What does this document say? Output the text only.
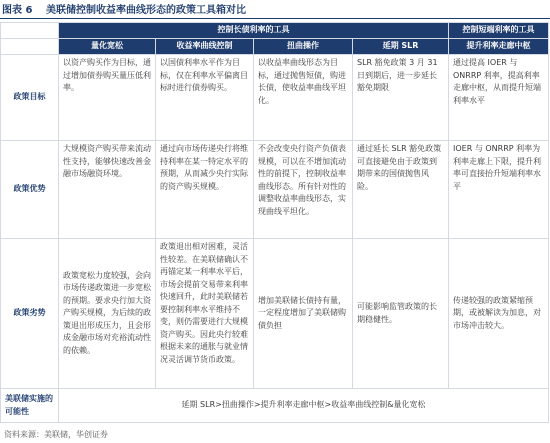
图表 6 美联储控制收益率曲线形态的政策工具箱对比
	控制长债利率的工具				控制短端利率的工具
	量化宽松	收益率曲线控制	扭曲操作	延期 SLR	提升利率走廊中枢
政策目标	以资产购买作为目标，通过增加债券购买量压低利率。	以国债利率水平作为目标，仅在利率水平偏离目标时进行债券购买。	以收益率曲线形态为目标，通过抛售短债，购进长债，使收益率曲线平坦化。	SLR 豁免政策 3 月 31 日到期后，进一步延长豁免期限	通过提高 IOER 与 ONRRP 利率，提高利率走廊中枢，从而提升短端利率水平
政策优势	大规模资产购买带来流动性支持，能够快速改善金融市场融资环境。	通过向市场传递央行将维持利率在某一特定水平的预期，从而减少央行实际的资产购买规模。	不会改变央行资产负债表规模，可以在不增加流动性的前提下，控制收益率曲线形态。所有针对性的调整收益率曲线形态，实现曲线平坦化。	通过延长 SLR 豁免政策可直接避免由于政策到期带来的国债抛售风险。	IOER 与 ONRRP 利率为利率走廊上下限，提升利率可直接抬升短端利率水平
政策劣势	政策宽松力度较强，会向市场传递政策进一步宽松的预期。要求央行加大资产购买规模，为后续的政策退出形成压力，且会形成金融市场对充裕流动性的依赖。	政策退出相对困难，灵活性较差。在美联储确认不再锚定某一利率水平后，市场会提前交易带来利率快速回升，此时美联储若要控制利率水平维持不变，则仍需要进行大规模资产购买。因此央行较难根据未来的通胀与就业情况灵活调节货币政策。	增加美联储长债持有量，一定程度增加了美联储购债负担	可能影响监管政策的长期稳健性。	传递较强的政策紧缩预期，或被解读为加息，对市场冲击较大。
美联储实施的可能性	延期 SLR>扭曲操作>提升利率走廊中枢>收益率曲线控制&量化宽松				
资料来源：美联储，华创证券
